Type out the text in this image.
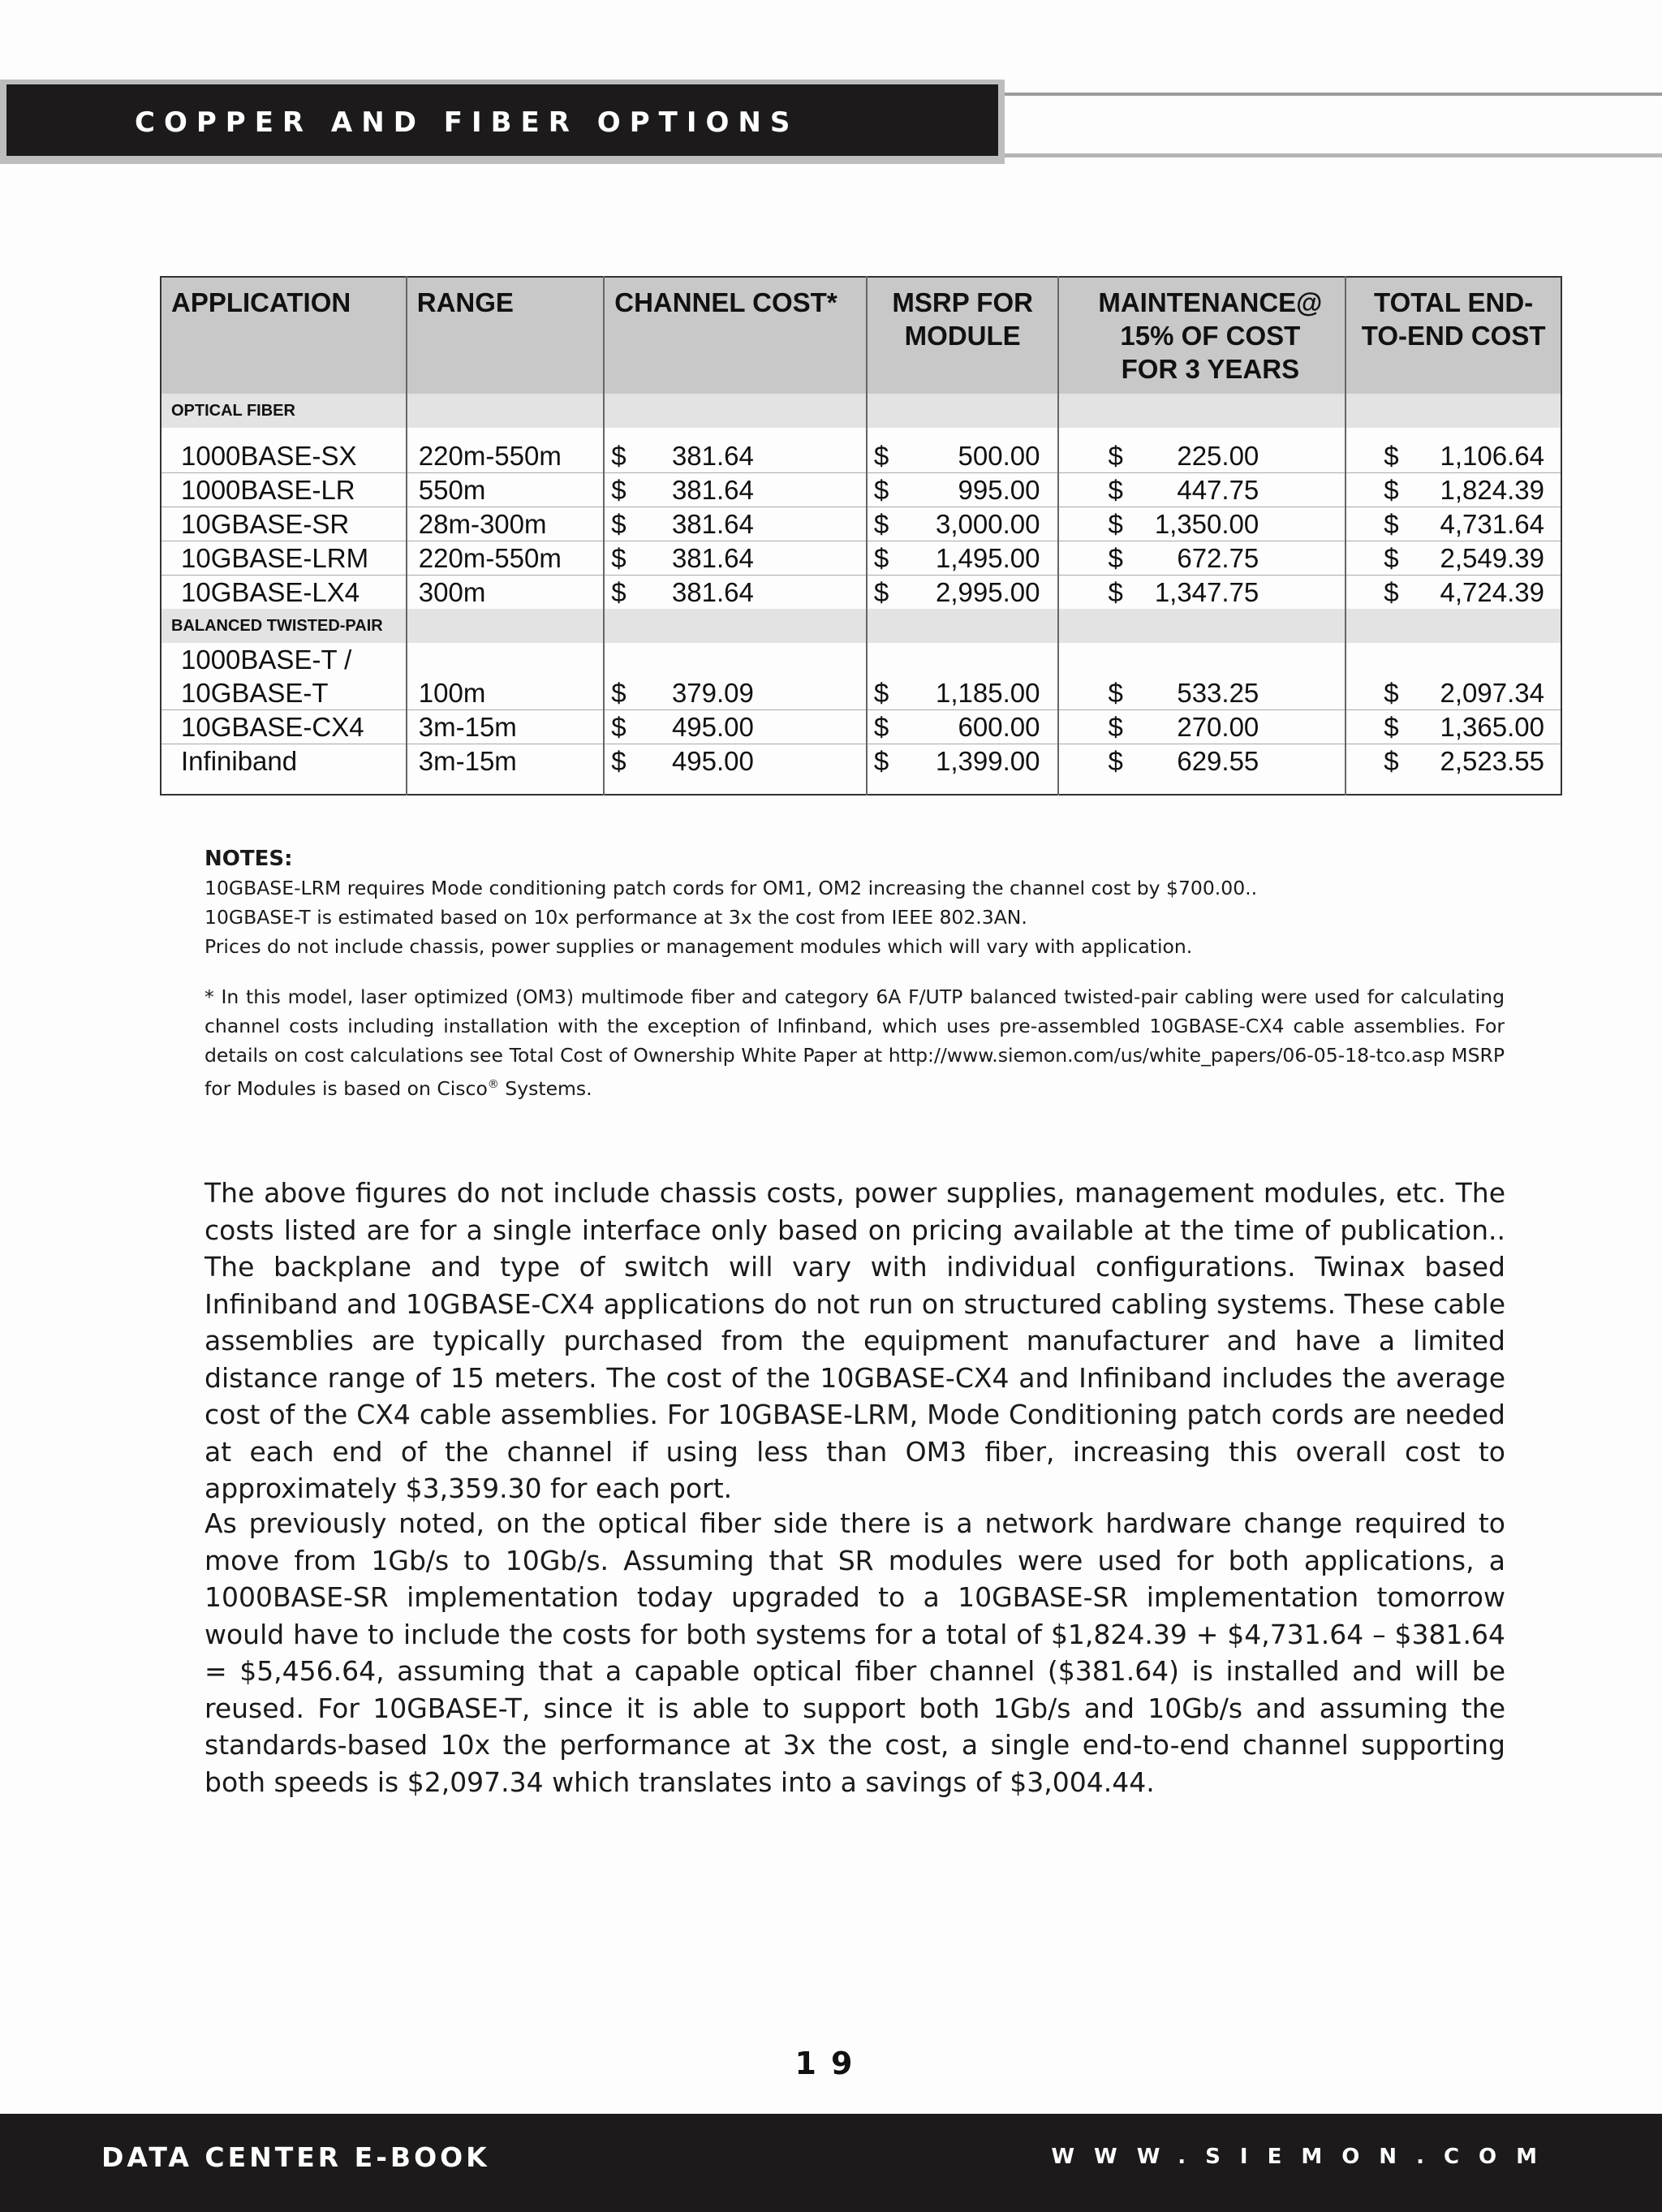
COPPER AND FIBER OPTIONS
APPLICATION	RANGE	CHANNEL COST*	MSRP FOR MODULE	MAINTENANCE@ 15% OF COST FOR 3 YEARS	TOTAL END-TO-END COST
OPTICAL FIBER					

1000BASE-SX	220m-550m	$ 381.64	$ 500.00	$ 225.00	$ 1,106.64

1000BASE-LR	550m	$ 381.64	$ 995.00	$ 447.75	$ 1,824.39

10GBASE-SR	28m-300m	$ 381.64	$ 3,000.00	$ 1,350.00	$ 4,731.64

10GBASE-LRM	220m-550m	$ 381.64	$ 1,495.00	$ 672.75	$ 2,549.39

10GBASE-LX4	300m	$ 381.64	$ 2,995.00	$ 1,347.75	$ 4,724.39

BALANCED TWISTED-PAIR					
1000BASE-T /					
10GBASE-T	100m	$ 379.09	$ 1,185.00	$ 533.25	$ 2,097.34

10GBASE-CX4	3m-15m	$ 495.00	$ 600.00	$ 270.00	$ 1,365.00

Infiniband	3m-15m	$ 495.00	$ 1,399.00	$ 629.55	$ 2,523.55

NOTES:

10GBASE-LRM requires Mode conditioning patch cords for OM1, OM2 increasing the channel cost by $700.00..

10GBASE-T is estimated based on 10x performance at 3x the cost from IEEE 802.3AN.

Prices do not include chassis, power supplies or management modules which will vary with application.

* In this model, laser optimized (OM3) multimode fiber and category 6A F/UTP balanced twisted-pair cabling were used for calculating channel costs including installation with the exception of Infinband, which uses pre-assembled 10GBASE-CX4 cable assemblies. For details on cost calculations see Total Cost of Ownership White Paper at http://www.siemon.com/us/white_papers/06-05-18-tco.asp MSRP for Modules is based on Cisco® Systems.

The above figures do not include chassis costs, power supplies, management modules, etc. The costs listed are for a single interface only based on pricing available at the time of publication.. The backplane and type of switch will vary with individual configurations. Twinax based Infiniband and 10GBASE-CX4 applications do not run on structured cabling systems. These cable assemblies are typically purchased from the equipment manufacturer and have a limited distance range of 15 meters. The cost of the 10GBASE-CX4 and Infiniband includes the average cost of the CX4 cable assemblies. For 10GBASE-LRM, Mode Conditioning patch cords are needed at each end of the channel if using less than OM3 fiber, increasing this overall cost to approximately $3,359.30 for each port.

As previously noted, on the optical fiber side there is a network hardware change required to move from 1Gb/s to 10Gb/s. Assuming that SR modules were used for both applications, a 1000BASE-SR implementation today upgraded to a 10GBASE-SR implementation tomorrow would have to include the costs for both systems for a total of $1,824.39 + $4,731.64 – $381.64 = $5,456.64, assuming that a capable optical fiber channel ($381.64) is installed and will be reused. For 10GBASE-T, since it is able to support both 1Gb/s and 10Gb/s and assuming the standards-based 10x the performance at 3x the cost, a single end-to-end channel supporting both speeds is $2,097.34 which translates into a savings of $3,004.44.

19
DATA CENTER E-BOOK	WWW.SIEMON.COM
